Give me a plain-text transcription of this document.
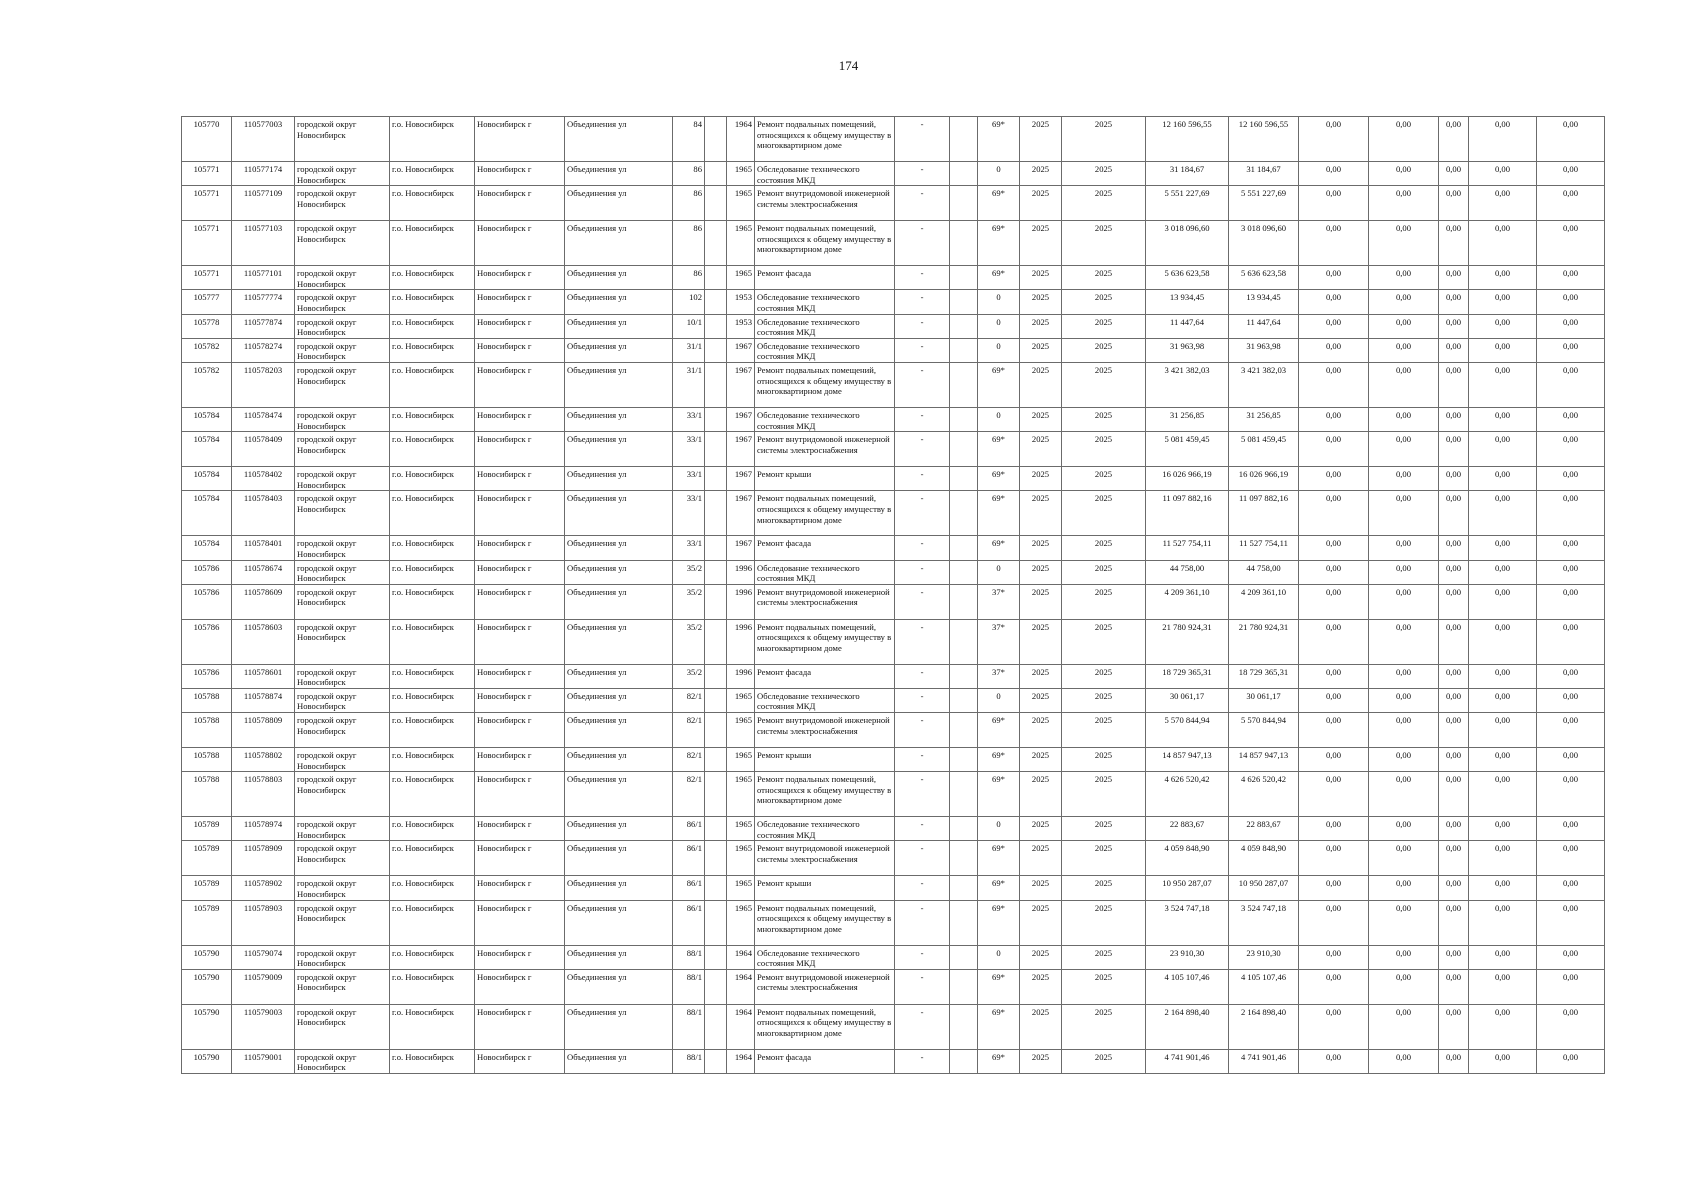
174
105770	110577003	городской округ Новосибирск	г.о. Новосибирск	Новосибирск г	Объединения ул	84		1964	Ремонт подвальных помещений, относящихся к общему имуществу в многоквартирном доме	-		69*	2025	2025	12 160 596,55	12 160 596,55	0,00	0,00	0,00	0,00	0,00	
105771	110577174	городской округ Новосибирск	г.о. Новосибирск	Новосибирск г	Объединения ул	86		1965	Обследование технического состояния МКД	-		0	2025	2025	31 184,67	31 184,67	0,00	0,00	0,00	0,00	0,00	
105771	110577109	городской округ Новосибирск	г.о. Новосибирск	Новосибирск г	Объединения ул	86		1965	Ремонт внутридомовой инженерной системы электроснабжения	-		69*	2025	2025	5 551 227,69	5 551 227,69	0,00	0,00	0,00	0,00	0,00	
105771	110577103	городской округ Новосибирск	г.о. Новосибирск	Новосибирск г	Объединения ул	86		1965	Ремонт подвальных помещений, относящихся к общему имуществу в многоквартирном доме	-		69*	2025	2025	3 018 096,60	3 018 096,60	0,00	0,00	0,00	0,00	0,00	
105771	110577101	городской округ Новосибирск	г.о. Новосибирск	Новосибирск г	Объединения ул	86		1965	Ремонт фасада	-		69*	2025	2025	5 636 623,58	5 636 623,58	0,00	0,00	0,00	0,00	0,00	
105777	110577774	городской округ Новосибирск	г.о. Новосибирск	Новосибирск г	Объединения ул	102		1953	Обследование технического состояния МКД	-		0	2025	2025	13 934,45	13 934,45	0,00	0,00	0,00	0,00	0,00	
105778	110577874	городской округ Новосибирск	г.о. Новосибирск	Новосибирск г	Объединения ул	10/1		1953	Обследование технического состояния МКД	-		0	2025	2025	11 447,64	11 447,64	0,00	0,00	0,00	0,00	0,00	
105782	110578274	городской округ Новосибирск	г.о. Новосибирск	Новосибирск г	Объединения ул	31/1		1967	Обследование технического состояния МКД	-		0	2025	2025	31 963,98	31 963,98	0,00	0,00	0,00	0,00	0,00	
105782	110578203	городской округ Новосибирск	г.о. Новосибирск	Новосибирск г	Объединения ул	31/1		1967	Ремонт подвальных помещений, относящихся к общему имуществу в многоквартирном доме	-		69*	2025	2025	3 421 382,03	3 421 382,03	0,00	0,00	0,00	0,00	0,00	
105784	110578474	городской округ Новосибирск	г.о. Новосибирск	Новосибирск г	Объединения ул	33/1		1967	Обследование технического состояния МКД	-		0	2025	2025	31 256,85	31 256,85	0,00	0,00	0,00	0,00	0,00	
105784	110578409	городской округ Новосибирск	г.о. Новосибирск	Новосибирск г	Объединения ул	33/1		1967	Ремонт внутридомовой инженерной системы электроснабжения	-		69*	2025	2025	5 081 459,45	5 081 459,45	0,00	0,00	0,00	0,00	0,00	
105784	110578402	городской округ Новосибирск	г.о. Новосибирск	Новосибирск г	Объединения ул	33/1		1967	Ремонт крыши	-		69*	2025	2025	16 026 966,19	16 026 966,19	0,00	0,00	0,00	0,00	0,00	
105784	110578403	городской округ Новосибирск	г.о. Новосибирск	Новосибирск г	Объединения ул	33/1		1967	Ремонт подвальных помещений, относящихся к общему имуществу в многоквартирном доме	-		69*	2025	2025	11 097 882,16	11 097 882,16	0,00	0,00	0,00	0,00	0,00	
105784	110578401	городской округ Новосибирск	г.о. Новосибирск	Новосибирск г	Объединения ул	33/1		1967	Ремонт фасада	-		69*	2025	2025	11 527 754,11	11 527 754,11	0,00	0,00	0,00	0,00	0,00	
105786	110578674	городской округ Новосибирск	г.о. Новосибирск	Новосибирск г	Объединения ул	35/2		1996	Обследование технического состояния МКД	-		0	2025	2025	44 758,00	44 758,00	0,00	0,00	0,00	0,00	0,00	
105786	110578609	городской округ Новосибирск	г.о. Новосибирск	Новосибирск г	Объединения ул	35/2		1996	Ремонт внутридомовой инженерной системы электроснабжения	-		37*	2025	2025	4 209 361,10	4 209 361,10	0,00	0,00	0,00	0,00	0,00	
105786	110578603	городской округ Новосибирск	г.о. Новосибирск	Новосибирск г	Объединения ул	35/2		1996	Ремонт подвальных помещений, относящихся к общему имуществу в многоквартирном доме	-		37*	2025	2025	21 780 924,31	21 780 924,31	0,00	0,00	0,00	0,00	0,00	
105786	110578601	городской округ Новосибирск	г.о. Новосибирск	Новосибирск г	Объединения ул	35/2		1996	Ремонт фасада	-		37*	2025	2025	18 729 365,31	18 729 365,31	0,00	0,00	0,00	0,00	0,00	
105788	110578874	городской округ Новосибирск	г.о. Новосибирск	Новосибирск г	Объединения ул	82/1		1965	Обследование технического состояния МКД	-		0	2025	2025	30 061,17	30 061,17	0,00	0,00	0,00	0,00	0,00	
105788	110578809	городской округ Новосибирск	г.о. Новосибирск	Новосибирск г	Объединения ул	82/1		1965	Ремонт внутридомовой инженерной системы электроснабжения	-		69*	2025	2025	5 570 844,94	5 570 844,94	0,00	0,00	0,00	0,00	0,00	
105788	110578802	городской округ Новосибирск	г.о. Новосибирск	Новосибирск г	Объединения ул	82/1		1965	Ремонт крыши	-		69*	2025	2025	14 857 947,13	14 857 947,13	0,00	0,00	0,00	0,00	0,00	
105788	110578803	городской округ Новосибирск	г.о. Новосибирск	Новосибирск г	Объединения ул	82/1		1965	Ремонт подвальных помещений, относящихся к общему имуществу в многоквартирном доме	-		69*	2025	2025	4 626 520,42	4 626 520,42	0,00	0,00	0,00	0,00	0,00	
105789	110578974	городской округ Новосибирск	г.о. Новосибирск	Новосибирск г	Объединения ул	86/1		1965	Обследование технического состояния МКД	-		0	2025	2025	22 883,67	22 883,67	0,00	0,00	0,00	0,00	0,00	
105789	110578909	городской округ Новосибирск	г.о. Новосибирск	Новосибирск г	Объединения ул	86/1		1965	Ремонт внутридомовой инженерной системы электроснабжения	-		69*	2025	2025	4 059 848,90	4 059 848,90	0,00	0,00	0,00	0,00	0,00	
105789	110578902	городской округ Новосибирск	г.о. Новосибирск	Новосибирск г	Объединения ул	86/1		1965	Ремонт крыши	-		69*	2025	2025	10 950 287,07	10 950 287,07	0,00	0,00	0,00	0,00	0,00	
105789	110578903	городской округ Новосибирск	г.о. Новосибирск	Новосибирск г	Объединения ул	86/1		1965	Ремонт подвальных помещений, относящихся к общему имуществу в многоквартирном доме	-		69*	2025	2025	3 524 747,18	3 524 747,18	0,00	0,00	0,00	0,00	0,00	
105790	110579074	городской округ Новосибирск	г.о. Новосибирск	Новосибирск г	Объединения ул	88/1		1964	Обследование технического состояния МКД	-		0	2025	2025	23 910,30	23 910,30	0,00	0,00	0,00	0,00	0,00	
105790	110579009	городской округ Новосибирск	г.о. Новосибирск	Новосибирск г	Объединения ул	88/1		1964	Ремонт внутридомовой инженерной системы электроснабжения	-		69*	2025	2025	4 105 107,46	4 105 107,46	0,00	0,00	0,00	0,00	0,00	
105790	110579003	городской округ Новосибирск	г.о. Новосибирск	Новосибирск г	Объединения ул	88/1		1964	Ремонт подвальных помещений, относящихся к общему имуществу в многоквартирном доме	-		69*	2025	2025	2 164 898,40	2 164 898,40	0,00	0,00	0,00	0,00	0,00	
105790	110579001	городской округ Новосибирск	г.о. Новосибирск	Новосибирск г	Объединения ул	88/1		1964	Ремонт фасада	-		69*	2025	2025	4 741 901,46	4 741 901,46	0,00	0,00	0,00	0,00	0,00	
